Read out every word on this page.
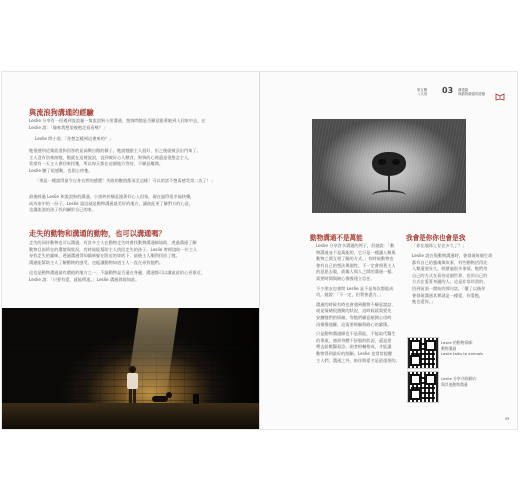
與流浪狗溝通的經驗
Leslie 分享有一回遇到流浪貓一隻流浪狗小黑溝通，想詢問牠是否願意跟著她到人回家中去，在
Leslie 說：「像來我想望被抱走看看嗎？」
Leslie 問小黑：「你想怎樣到這裡來的？」
牠很感到這隻流浪狗回答的是高興自傲的樣子，牠說牠跟主人很好，但之後就被丟出門來了。
主人沒有回來接牠，牠就在這裡流浪，直到被好心人餵食。狗狗的心裡還是很想念主人，
希望有一天主人會回來找牠，所以每天都在這個地方等待，不願意離開。
Leslie 聽了很感動，也很心疼牠。
「那是一種說得最令自身自然的感覺！失敗的數值都深至這樣！可以的話不想再感受第二次了！」
最後經過 Leslie 和流浪狗的溝通，小黑終於願意跟著好心人回家，現在過得很幸福快樂，
成為家中的一份子。Leslie 說這就是動物溝通最美好的地方，讓彼此更了解對方的心意，
也讓流浪的孩子找到屬於自己的家。
走失的動物和溝通的動物，也可以溝通嗎？
走失的同伴動物也可以溝通，有許多主人在動物走失時會找動物溝通師協助，透過溝通了解
動物目前所在的環境與狀況，有時候能幫助主人找回走失的孩子。Leslie 曾經協助一位主人
尋找走失的貓咪，透過溝通得知貓咪躲在附近的車底下，最後主人順利找回了牠。
溝通能幫助主人了解動物的感受，也能讓動物知道主人一直在尋找牠們。
這也是動物溝通最有價值的地方之一，不論動物是否還在身邊，溝通都可以讓彼此的心更靠近，
Leslie 說：「只要有愛，就能傳達。」Leslie 溝通發現如此。
第五輯
八大項 03 溝通篇
與動物溝通的經驗
動物溝通不是萬能
Leslie 分享許多溝通的例子，但她說：「動
物溝通並不是萬能的，它只是一種讓人類與
動物之間互相了解的方式。」有時候動物也
會有自己的想法與個性，不一定會照著主人
的意思去做，就像人與人之間的溝通一樣，
需要時間與耐心慢慢建立信任。
不少朋友也會問 Leslie 是不是每次都能成
功，她說：「不一定，但我會盡力。」
溝通的時候有時也會遇到動物不願意說話、
或是情緒很激動的狀況，這時候就需要先
安撫牠們的情緒，等牠們願意敞開心房時
再慢慢地聊，這需要經驗與耐心的累積。
只是動物溝通師也不是萬能，不能取代醫生
的專業，遇到身體不舒服的狀況，還是要
帶去給獸醫看診，兩者相輔相成，才能讓
動物得到最好的照顧。Leslie 也常常提醒
主人們，溝通之外，陪伴與愛才是最重要的。
我會是你你也會是我
「你在地球上存在多久了？」
Leslie 說在與動物溝通時，會發現每個生命
都有自己的靈魂與故事，有些動物活得比
人類還要長久，經歷過很多事情，牠們用
自己的方式在看待這個世界，也用自己的
方式在愛著身邊的人，這是非常珍貴的。
回到前面一開始的那句話，「懂了以後你
會發現溝通其實就是一種愛，你愛牠，
牠也愛你。」
Leslie 的動物導師：
動物溝通
Leslie talks to animals
Leslie 分享介紹網站：
與其他動物溝通
09
